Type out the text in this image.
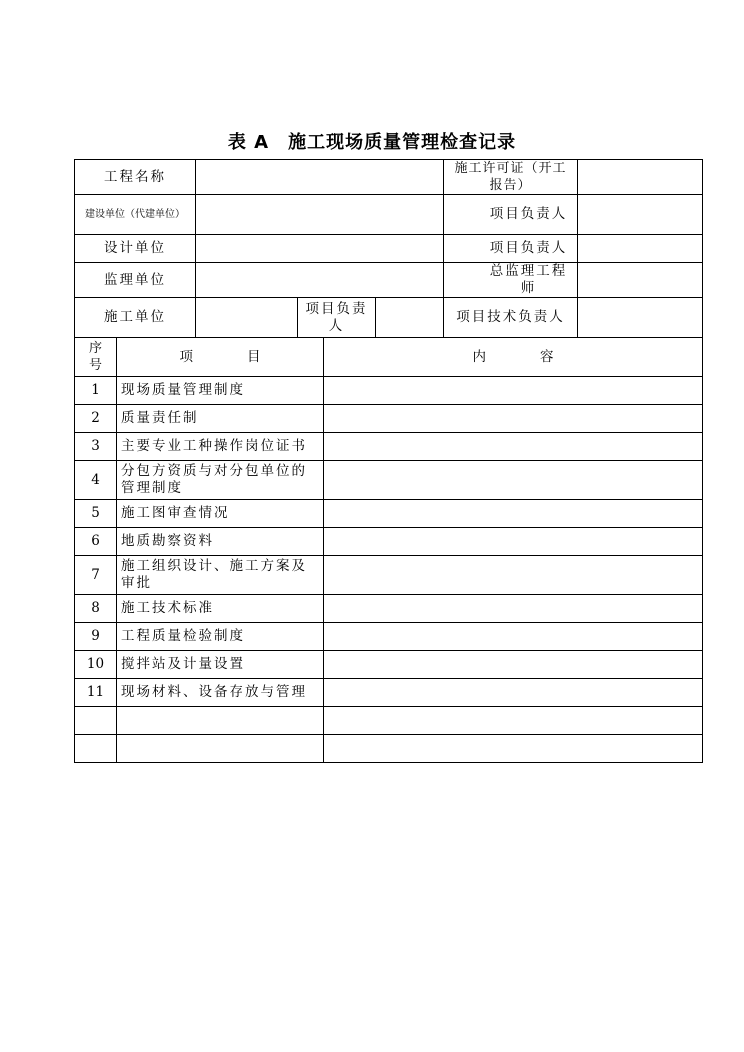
表 A　施工现场质量管理检查记录
工程名称				施工许可证（开工报告）	
建设单位（代建单位）				项目负责人	
设计单位				项目负责人	
监理单位				总监理工程师	
施工单位		项目负责人		项目技术负责人	
序号	项　　　　目	内　　　　容
1	现场质量管理制度	
2	质量责任制	
3	主要专业工种操作岗位证书	
4	分包方资质与对分包单位的管理制度	
5	施工图审查情况	
6	地质勘察资料	
7	施工组织设计、施工方案及审批	
8	施工技术标准	
9	工程质量检验制度	
10	搅拌站及计量设置	
11	现场材料、设备存放与管理	
